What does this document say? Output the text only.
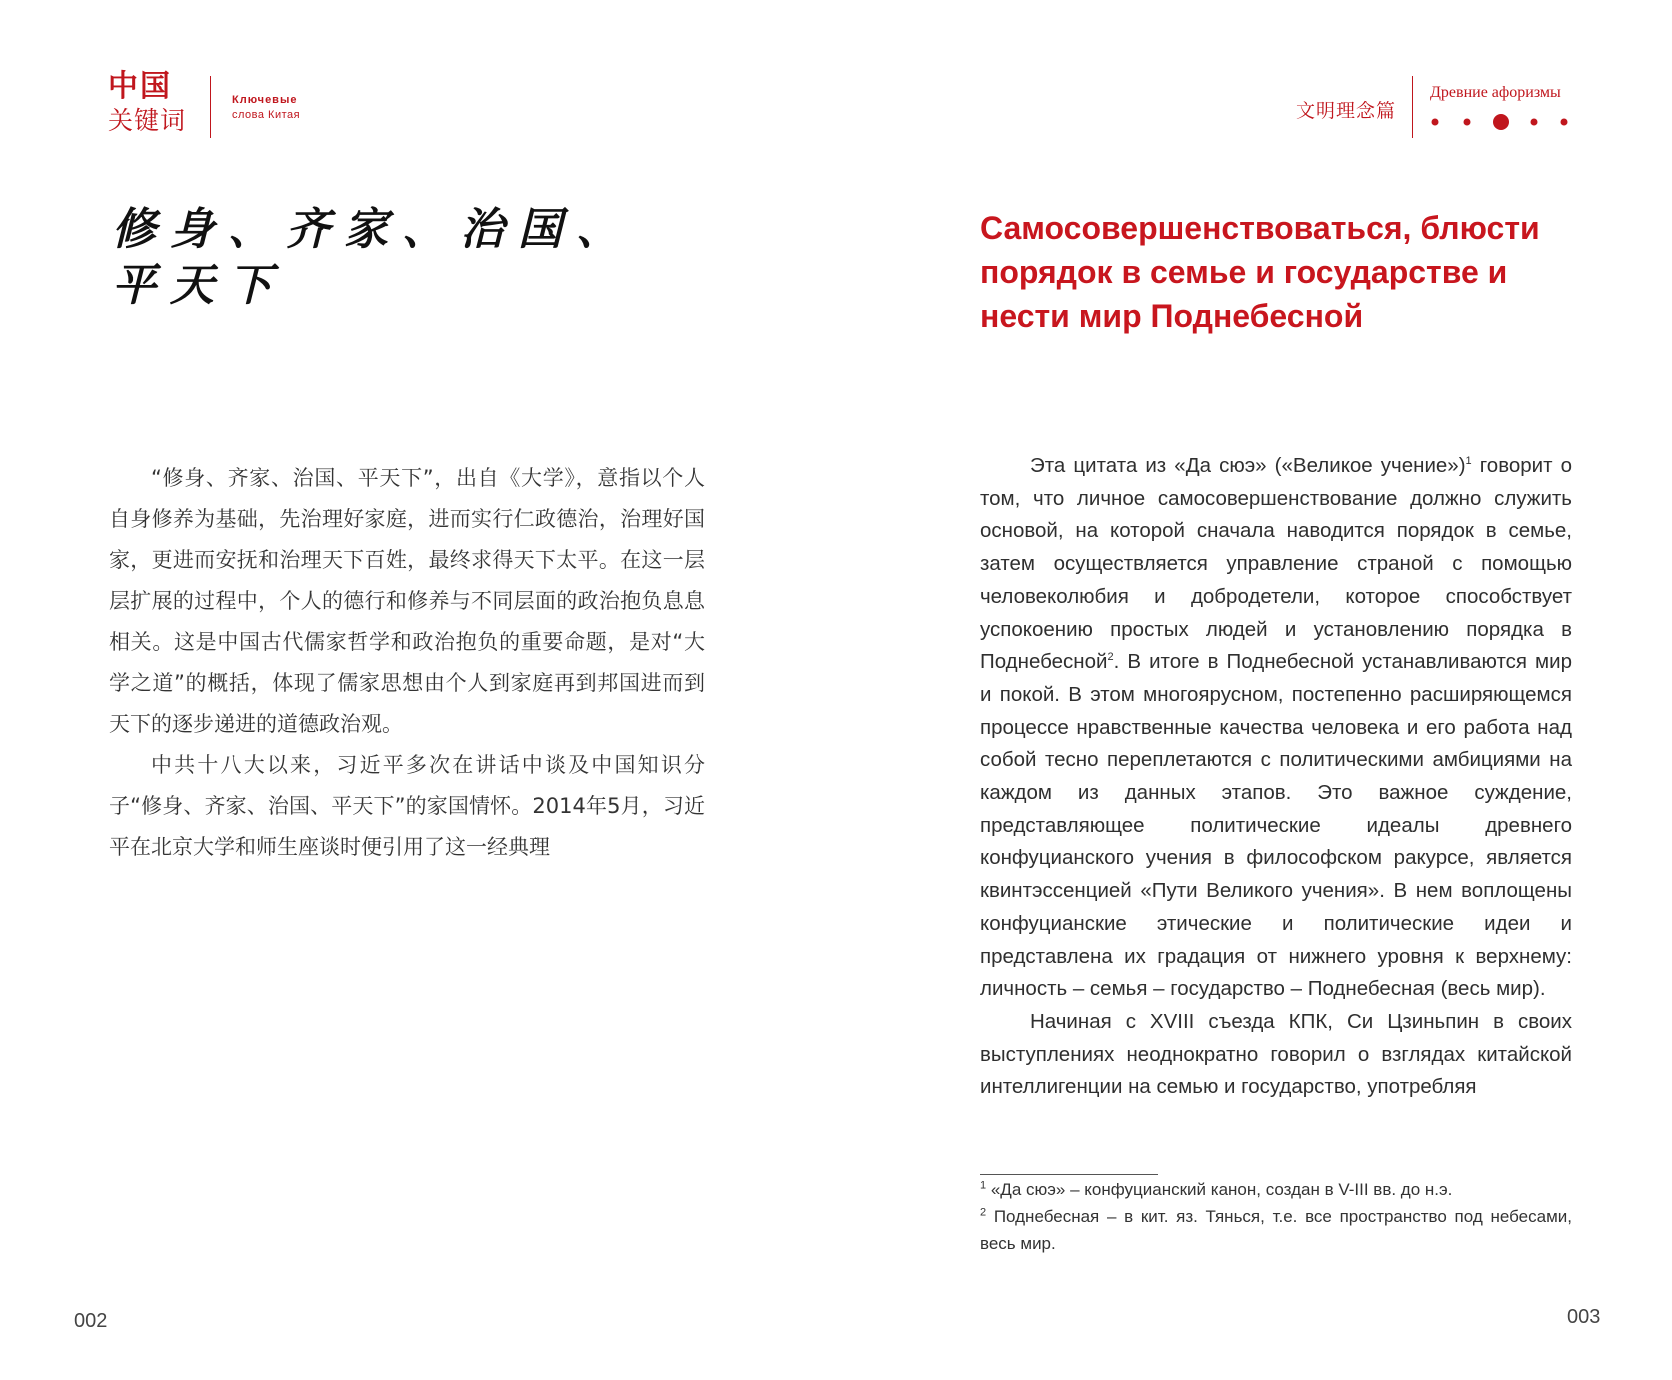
中国
关键词
Ключевые
слова Китая	文明理念篇
Древние афоризмы
修身、齐家、治国、
平天下

“修身、齐家、治国、平天下”，出自《大学》，意指以个人自身修养为基础，先治理好家庭，进而实行仁政德治，治理好国家，更进而安抚和治理天下百姓，最终求得天下太平。在这一层层扩展的过程中，个人的德行和修养与不同层面的政治抱负息息相关。这是中国古代儒家哲学和政治抱负的重要命题，是对“大学之道”的概括，体现了儒家思想由个人到家庭再到邦国进而到天下的逐步递进的道德政治观。

中共十八大以来，习近平多次在讲话中谈及中国知识分子“修身、齐家、治国、平天下”的家国情怀。2014年5月，习近平在北京大学和师生座谈时便引用了这一经典理

002
Самосовершенствоваться, блюсти порядок в семье и государстве и нести мир Поднебесной

Эта цитата из «Да сюэ» («Великое учение»)$^1$ говорит о том, что личное самосовершенствование должно служить основой, на которой сначала наводится порядок в семье, затем осуществляется управление страной с помощью человеколюбия и добродетели, которое способствует успокоению простых людей и установлению порядка в Поднебесной$^2$. В итоге в Поднебесной устанавливаются мир и покой. В этом многоярусном, постепенно расширяющемся процессе нравственные качества человека и его работа над собой тесно переплетаются с политическими амбициями на каждом из данных этапов. Это важное суждение, представляющее политические идеалы древнего конфуцианского учения в философском ракурсе, является квинтэссенцией «Пути Великого учения». В нем воплощены конфуцианские этические и политические идеи и представлена их градация от нижнего уровня к верхнему: личность – семья – государство – Поднебесная (весь мир).

Начиная с XVIII съезда КПК, Си Цзиньпин в своих выступлениях неоднократно говорил о взглядах китайской интеллигенции на семью и государство, употребляя

$^1$ «Да сюэ» – конфуцианский канон, создан в V-III вв. до н.э.

$^2$ Поднебесная – в кит. яз. Тянься, т.е. все пространство под небесами, весь мир.

003
